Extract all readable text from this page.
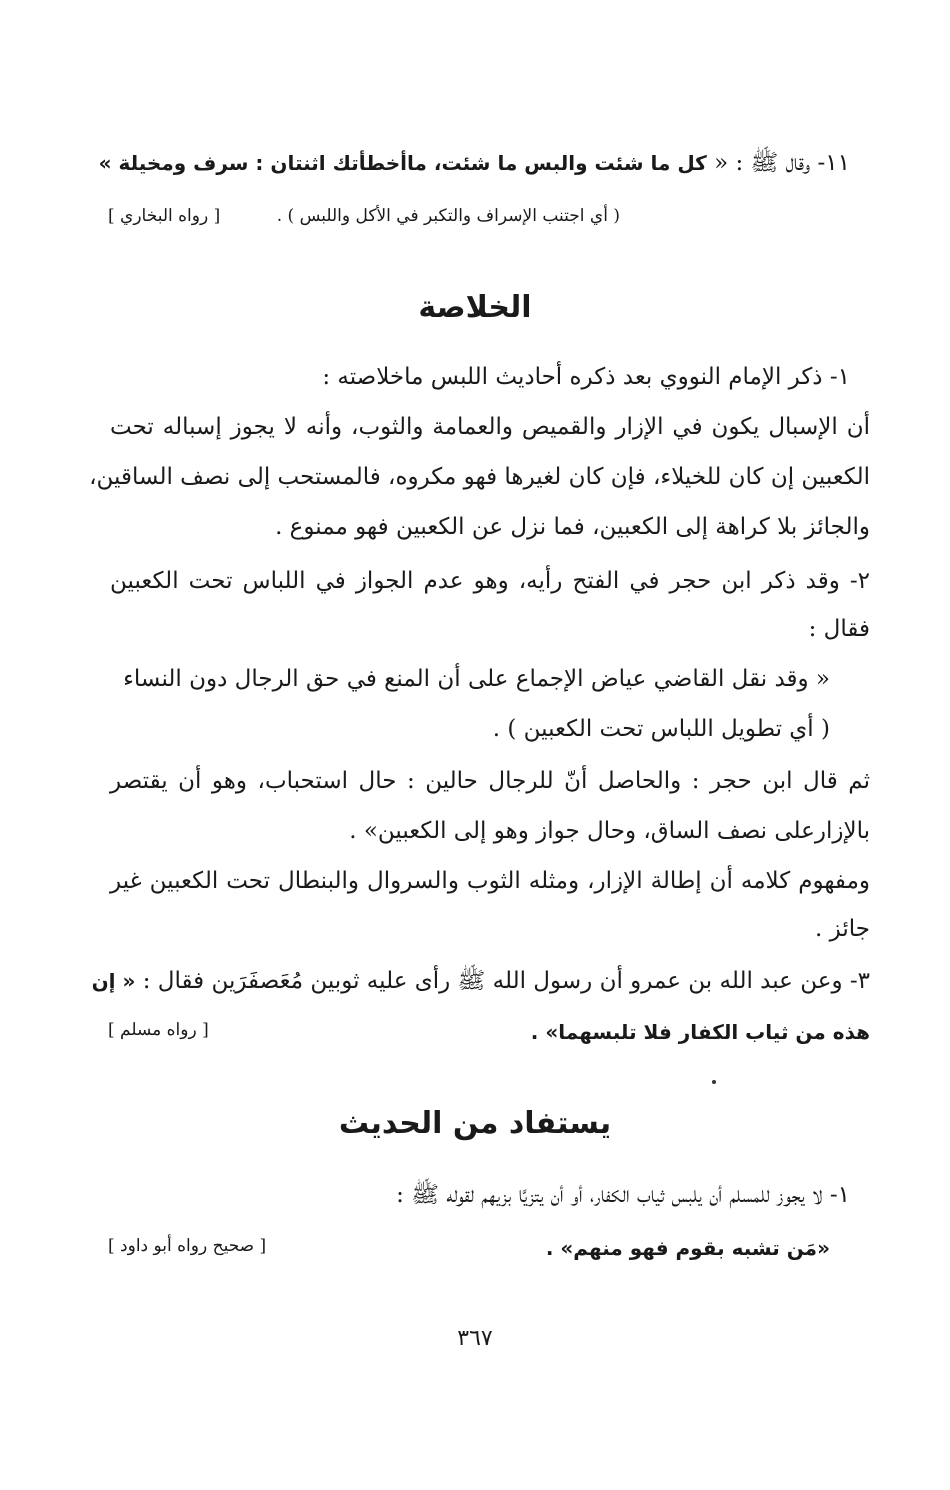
١١- وقال ﷺ : « كل ما شئت والبس ما شئت، ماأخطأتك اثنتان : سرف ومخيلة »
( أي اجتنب الإسراف والتكبر في الأكل واللبس ) .
[ رواه البخاري ]
الخلاصة
١- ذكر الإمام النووي بعد ذكره أحاديث اللبس ماخلاصته :
أن الإسبال يكون في الإزار والقميص والعمامة والثوب، وأنه لا يجوز إسباله تحت
الكعبين إن كان للخيلاء، فإن كان لغيرها فهو مكروه، فالمستحب إلى نصف الساقين،
والجائز بلا كراهة إلى الكعبين، فما نزل عن الكعبين فهو ممنوع .
٢- وقد ذكر ابن حجر في الفتح رأيه، وهو عدم الجواز في اللباس تحت الكعبين
فقال :
« وقد نقل القاضي عياض الإجماع على أن المنع في حق الرجال دون النساء
( أي تطويل اللباس تحت الكعبين ) .
ثم قال ابن حجر : والحاصل أنّ للرجال حالين : حال استحباب، وهو أن يقتصر
بالإزارعلى نصف الساق، وحال جواز وهو إلى الكعبين» .
ومفهوم كلامه أن إطالة الإزار، ومثله الثوب والسروال والبنطال تحت الكعبين غير
جائز .
٣- وعن عبد الله بن عمرو أن رسول الله ﷺ رأى عليه ثوبين مُعَصفَرَين فقال : « إن
هذه من ثياب الكفار فلا تلبسهما» .
[ رواه مسلم ]
يستفاد من الحديث
١- لا يجوز للمسلم أن يلبس ثياب الكفار، أو أن يتزيَّا بزيهم لقوله ﷺ :
«مَن تشبه بقوم فهو منهم» .
[ صحيح رواه أبو داود ]
٣٦٧
